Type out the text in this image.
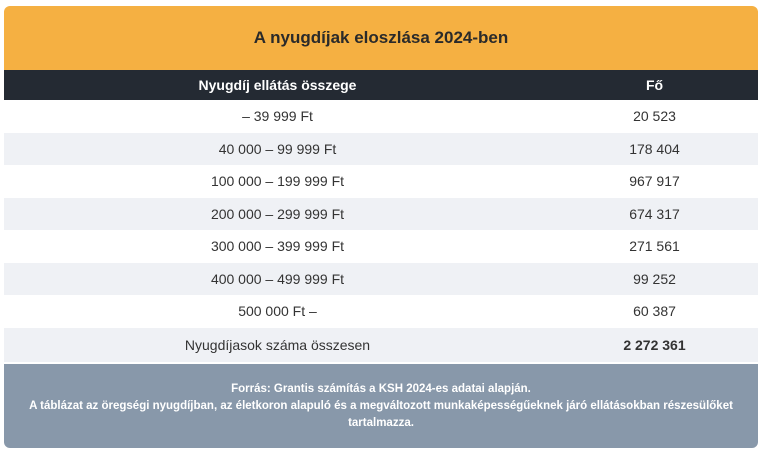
A nyugdíjak eloszlása 2024-ben
Nyugdíj ellátás összege	Fő
– 39 999 Ft	20 523
40 000 – 99 999 Ft	178 404
100 000 – 199 999 Ft	967 917
200 000 – 299 999 Ft	674 317
300 000 – 399 999 Ft	271 561
400 000 – 499 999 Ft	99 252
500 000 Ft –	60 387
Nyugdíjasok száma összesen	2 272 361
Forrás: Grantis számítás a KSH 2024-es adatai alapján.
A táblázat az öregségi nyugdíjban, az életkoron alapuló és a megváltozott munkaképességűeknek járó ellátásokban részesülőket tartalmazza.
